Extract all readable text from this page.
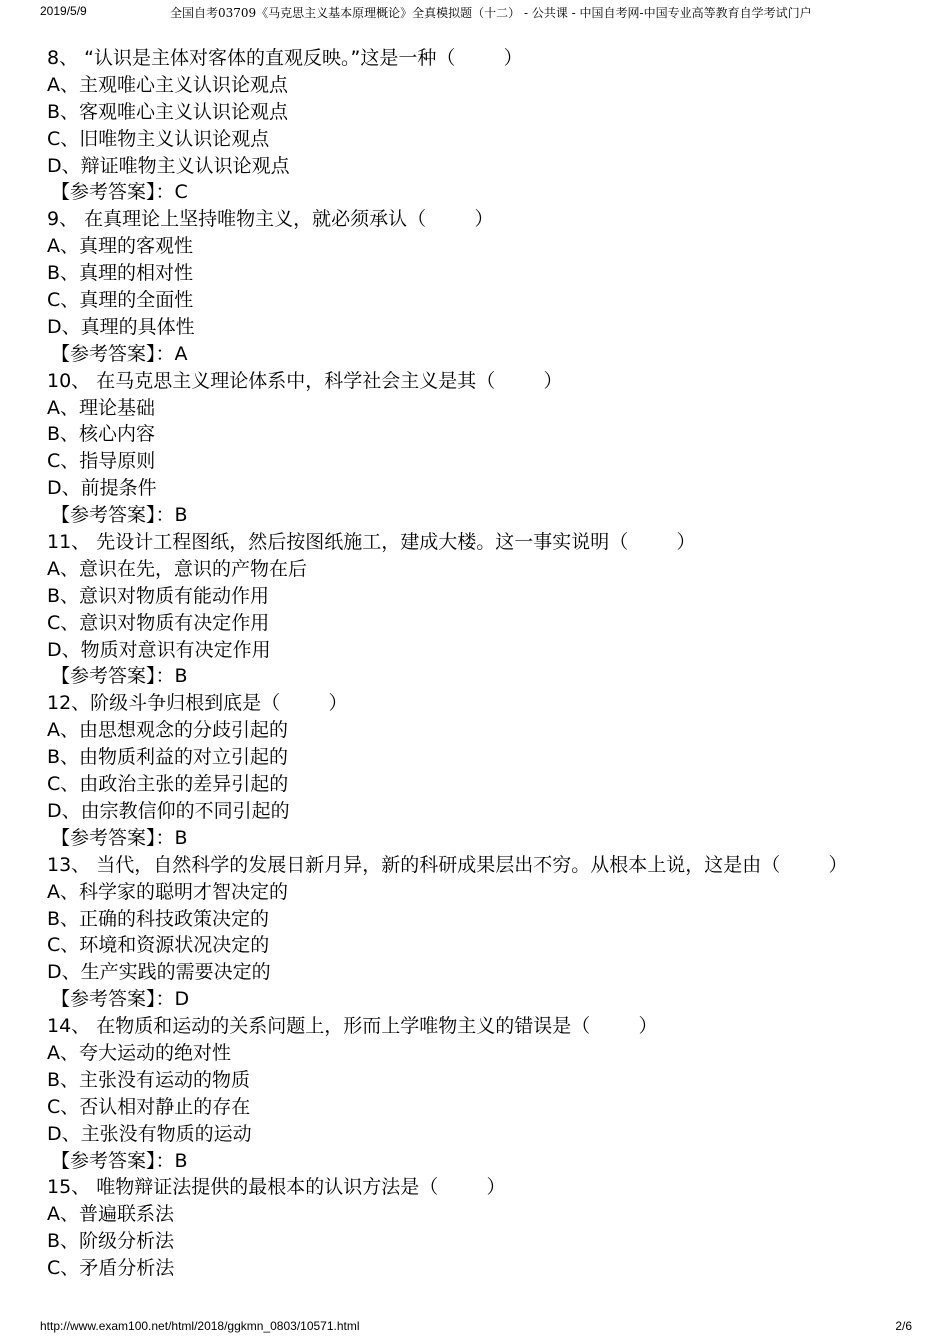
2019/5/9	全国自考03709《马克思主义基本原理概论》全真模拟题（十二） - 公共课 - 中国自考网-中国专业高等教育自学考试门户
8、 “认识是主体对客体的直观反映。”这是一种（        ）
A、主观唯心主义认识论观点
B、客观唯心主义认识论观点
C、旧唯物主义认识论观点
D、辩证唯物主义认识论观点
【参考答案】：C
9、 在真理论上坚持唯物主义，就必须承认（        ）
A、真理的客观性
B、真理的相对性
C、真理的全面性
D、真理的具体性
【参考答案】：A
10、 在马克思主义理论体系中，科学社会主义是其（        ）
A、理论基础
B、核心内容
C、指导原则
D、前提条件
【参考答案】：B
11、 先设计工程图纸，然后按图纸施工，建成大楼。这一事实说明（        ）
A、意识在先，意识的产物在后
B、意识对物质有能动作用
C、意识对物质有决定作用
D、物质对意识有决定作用
【参考答案】：B
12、阶级斗争归根到底是（        ）
A、由思想观念的分歧引起的
B、由物质利益的对立引起的
C、由政治主张的差异引起的
D、由宗教信仰的不同引起的
【参考答案】：B
13、 当代，自然科学的发展日新月异，新的科研成果层出不穷。从根本上说，这是由（        ）
A、科学家的聪明才智决定的
B、正确的科技政策决定的
C、环境和资源状况决定的
D、生产实践的需要决定的
【参考答案】：D
14、 在物质和运动的关系问题上，形而上学唯物主义的错误是（        ）
A、夸大运动的绝对性
B、主张没有运动的物质
C、否认相对静止的存在
D、主张没有物质的运动
【参考答案】：B
15、 唯物辩证法提供的最根本的认识方法是（        ）
A、普遍联系法
B、阶级分析法
C、矛盾分析法
http://www.exam100.net/html/2018/ggkmn_0803/10571.html	2/6
